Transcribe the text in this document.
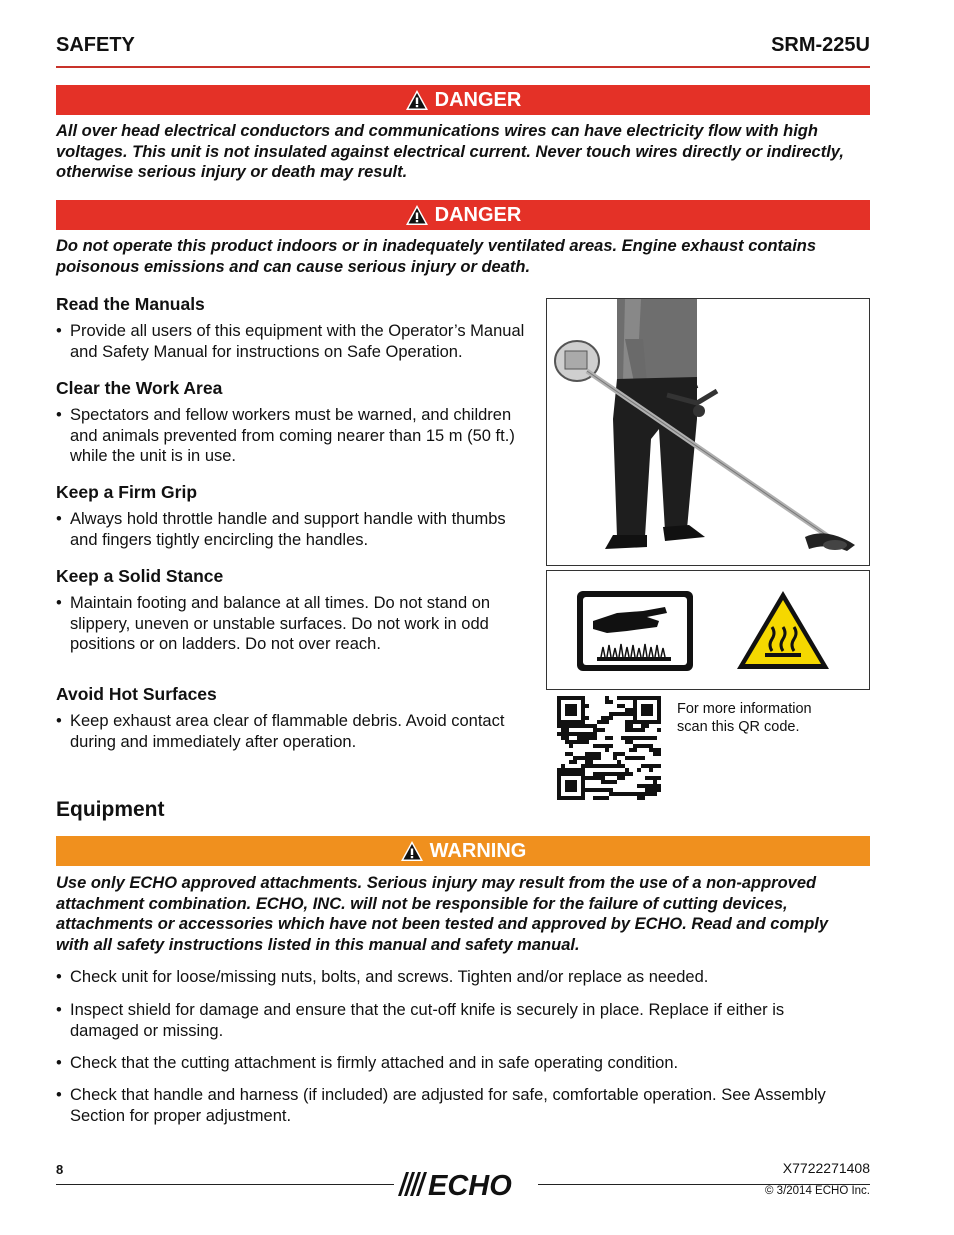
SAFETY	SRM-225U
DANGER
All over head electrical conductors and communications wires can have electricity flow with high voltages. This unit is not insulated against electrical current. Never touch wires directly or indirectly, otherwise serious injury or death may result.
DANGER
Do not operate this product indoors or in inadequately ventilated areas. Engine exhaust contains poisonous emissions and can cause serious injury or death.
Read the Manuals
• Provide all users of this equipment with the Operator’s Manual and Safety Manual for instructions on Safe Operation.
Clear the Work Area
• Spectators and fellow workers must be warned, and children and animals prevented from coming nearer than 15 m (50 ft.) while the unit is in use.
Keep a Firm Grip
• Always hold throttle handle and support handle with thumbs and fingers tightly encircling the handles.
Keep a Solid Stance
• Maintain footing and balance at all times. Do not stand on slippery, uneven or unstable surfaces. Do not work in odd positions or on ladders. Do not over reach.
Avoid Hot Surfaces
• Keep exhaust area clear of flammable debris. Avoid contact during and immediately after operation.
For more information
scan this QR code.
Equipment
WARNING
Use only ECHO approved attachments. Serious injury may result from the use of a non-approved attachment combination. ECHO, INC. will not be responsible for the failure of cutting devices, attachments or accessories which have not been tested and approved by ECHO. Read and comply with all safety instructions listed in this manual and safety manual.
• Check unit for loose/missing nuts, bolts, and screws. Tighten and/or replace as needed.
• Inspect shield for damage and ensure that the cut-off knife is securely in place. Replace if either is damaged or missing.
• Check that the cutting attachment is firmly attached and in safe operating condition.
• Check that handle and harness (if included) are adjusted for safe, comfortable operation. See Assembly Section for proper adjustment.
8	X7722271408
ECHO	© 3/2014 ECHO Inc.
